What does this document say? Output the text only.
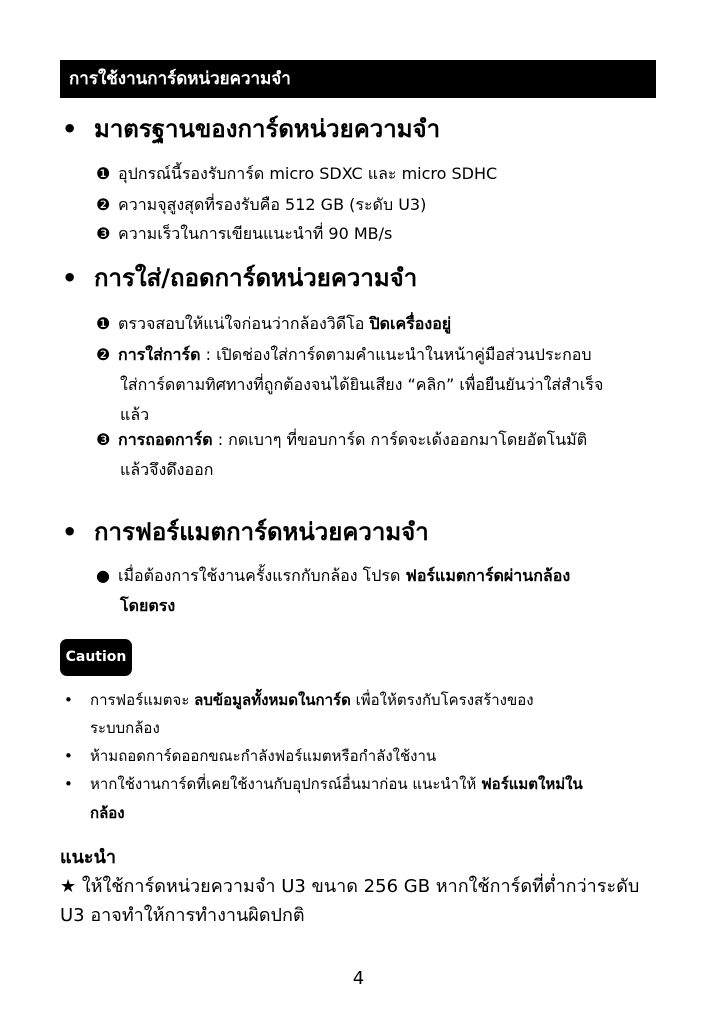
การใช้งานการ์ดหน่วยความจำ
• มาตรฐานของการ์ดหน่วยความจำ
❶ อุปกรณ์นี้รองรับการ์ด micro SDXC และ micro SDHC
❷ ความจุสูงสุดที่รองรับคือ 512 GB (ระดับ U3)
❸ ความเร็วในการเขียนแนะนำที่ 90 MB/s
• การใส่/ถอดการ์ดหน่วยความจำ
❶ ตรวจสอบให้แน่ใจก่อนว่ากล้องวิดีโอ ปิดเครื่องอยู่
❷ การใส่การ์ด : เปิดช่องใส่การ์ดตามคำแนะนำในหน้าคู่มือส่วนประกอบ
ใส่การ์ดตามทิศทางที่ถูกต้องจนได้ยินเสียง “คลิก” เพื่อยืนยันว่าใส่สำเร็จ
แล้ว
❸ การถอดการ์ด : กดเบาๆ ที่ขอบการ์ด การ์ดจะเด้งออกมาโดยอัตโนมัติ
แล้วจึงดึงออก
• การฟอร์แมตการ์ดหน่วยความจำ
● เมื่อต้องการใช้งานครั้งแรกกับกล้อง โปรด ฟอร์แมตการ์ดผ่านกล้อง
โดยตรง
Caution
• การฟอร์แมตจะ ลบข้อมูลทั้งหมดในการ์ด เพื่อให้ตรงกับโครงสร้างของ
ระบบกล้อง
• ห้ามถอดการ์ดออกขณะกำลังฟอร์แมตหรือกำลังใช้งาน
• หากใช้งานการ์ดที่เคยใช้งานกับอุปกรณ์อื่นมาก่อน แนะนำให้ ฟอร์แมตใหม่ใน
กล้อง
แนะนำ
★ ให้ใช้การ์ดหน่วยความจำ U3 ขนาด 256 GB หากใช้การ์ดที่ต่ำกว่าระดับ
U3 อาจทำให้การทำงานผิดปกติ
4
